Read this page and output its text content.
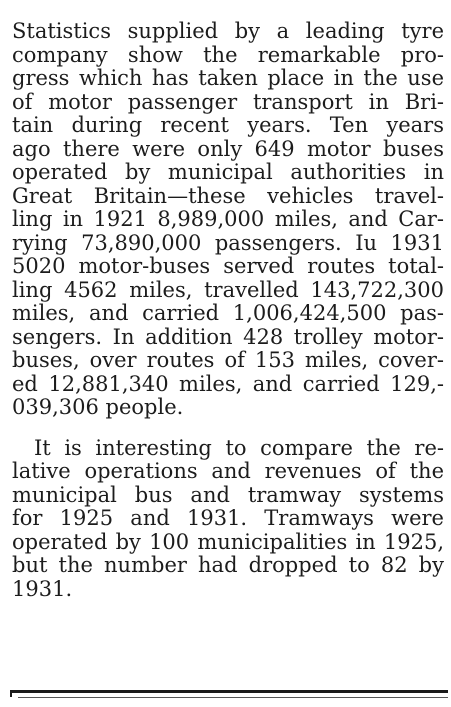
Statistics supplied by a leading tyre
company show the remarkable pro-
gress which has taken place in the use
of motor passenger transport in Bri-
tain during recent years. Ten years
ago there were only 649 motor buses
operated by municipal authorities in
Great Britain—these vehicles travel-
ling in 1921 8,989,000 miles, and Car-
rying 73,890,000 passengers. Iu 1931
5020 motor-buses served routes total-
ling 4562 miles, travelled 143,722,300
miles, and carried 1,006,424,500 pas-
sengers. In addition 428 trolley motor-
buses, over routes of 153 miles, cover-
ed 12,881,340 miles, and carried 129,-
039,306 people.
It is interesting to compare the re-
lative operations and revenues of the
municipal bus and tramway systems
for 1925 and 1931. Tramways were
operated by 100 municipalities in 1925,
but the number had dropped to 82 by
1931.
